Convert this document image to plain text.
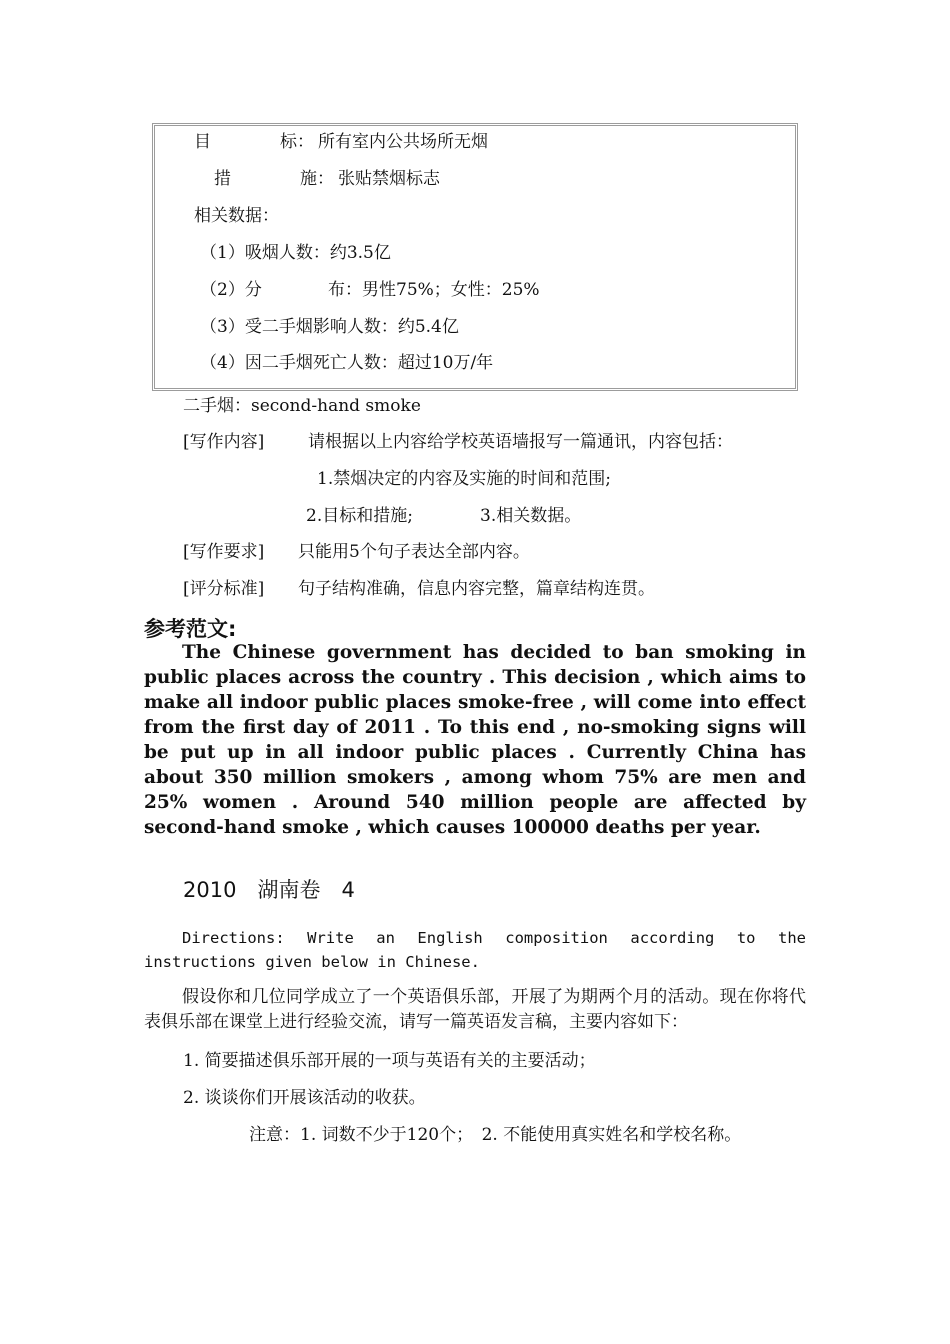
目	标： 所有室内公共场所无烟
措	施： 张贴禁烟标志
相关数据：
（1）吸烟人数：约3.5亿
（2）分	布：男性75%；女性：25%
（3）受二手烟影响人数：约5.4亿
（4）因二手烟死亡人数：超过10万/年
二手烟：second-hand smoke
[写作内容]	请根据以上内容给学校英语墙报写一篇通讯，内容包括：
1.禁烟决定的内容及实施的时间和范围;
2.目标和措施;	3.相关数据。
[写作要求] 只能用5个句子表达全部内容。
[评分标准] 句子结构准确，信息内容完整，篇章结构连贯。
参考范文:
The Chinese government has decided to ban smoking in public places across the country . This decision , which aims to make all indoor public places smoke-free , will come into effect from the first day of 2011 . To this end , no-smoking signs will be put up in all indoor public places . Currently China has about 350 million smokers , among whom 75% are men and 25% women . Around 540 million people are affected by second-hand smoke , which causes 100000 deaths per year.
2010　湖南卷　4
Directions: Write an English composition according to the instructions given below in Chinese.
假设你和几位同学成立了一个英语俱乐部，开展了为期两个月的活动。现在你将代表俱乐部在课堂上进行经验交流，请写一篇英语发言稿，主要内容如下：
1. 简要描述俱乐部开展的一项与英语有关的主要活动；
2. 谈谈你们开展该活动的收获。
注意：1. 词数不少于120个；　2. 不能使用真实姓名和学校名称。
